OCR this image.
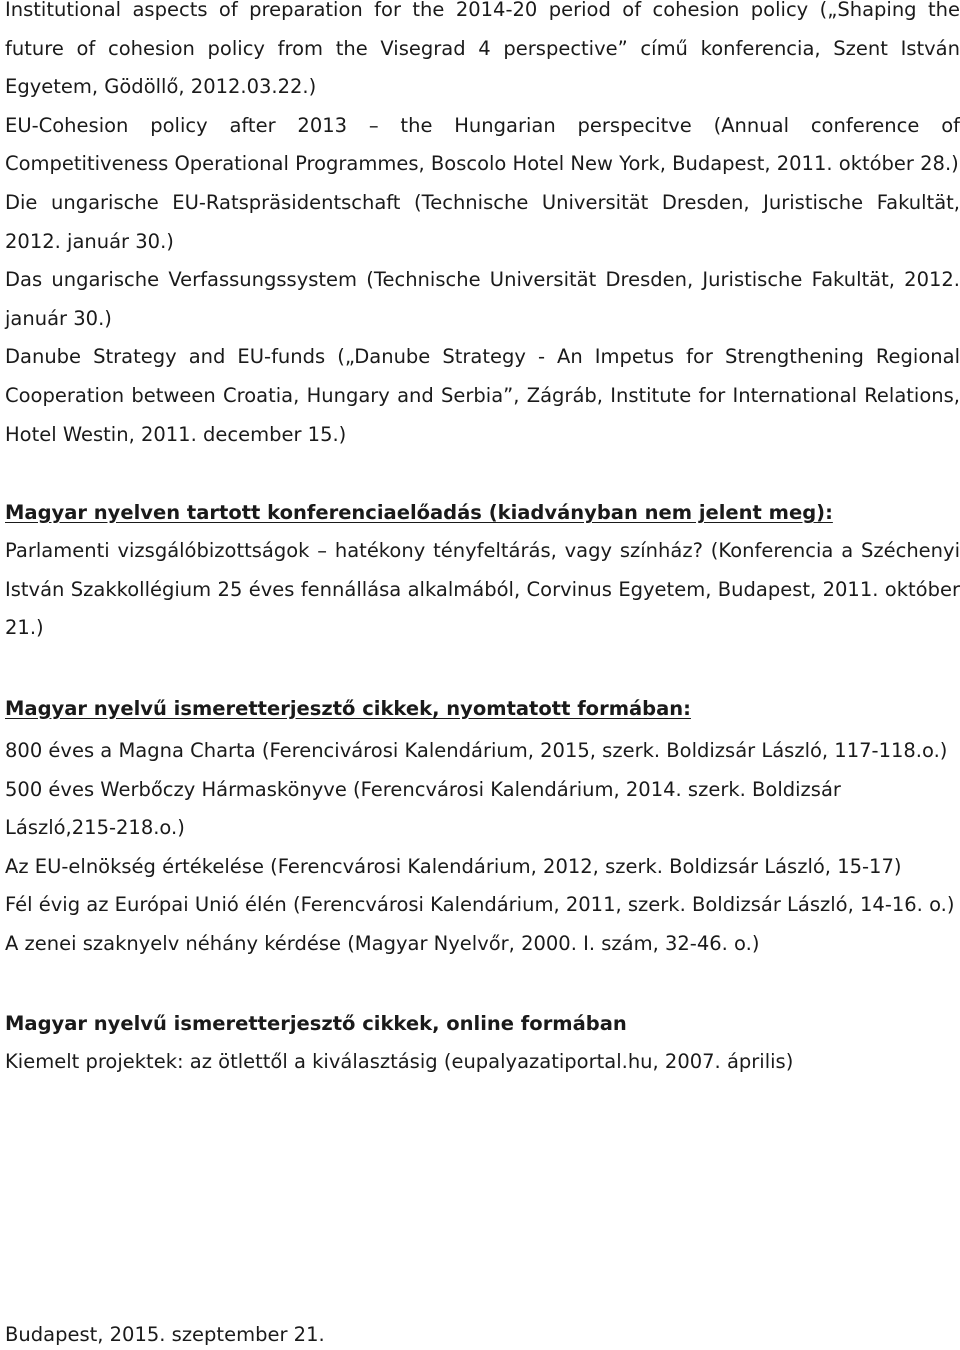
Institutional aspects of preparation for the 2014-20 period of cohesion policy („Shaping the future of cohesion policy from the Visegrad 4 perspective” című konferencia, Szent István Egyetem, Gödöllő, 2012.03.22.)

EU-Cohesion policy after 2013 – the Hungarian perspecitve (Annual conference of Competitiveness Operational Programmes, Boscolo Hotel New York, Budapest, 2011. október 28.)

Die ungarische EU-Ratspräsidentschaft (Technische Universität Dresden, Juristische Fakultät, 2012. január 30.)

Das ungarische Verfassungssystem (Technische Universität Dresden, Juristische Fakultät, 2012. január 30.)

Danube Strategy and EU-funds („Danube Strategy - An Impetus for Strengthening Regional Cooperation between Croatia, Hungary and Serbia”, Zágráb, Institute for International Relations, Hotel Westin, 2011. december 15.)

Magyar nyelven tartott konferenciaelőadás (kiadványban nem jelent meg):

Parlamenti vizsgálóbizottságok – hatékony tényfeltárás, vagy színház? (Konferencia a Széchenyi István Szakkollégium 25 éves fennállása alkalmából, Corvinus Egyetem, Budapest, 2011. október 21.)

Magyar nyelvű ismeretterjesztő cikkek, nyomtatott formában:

800 éves a Magna Charta (Ferencivárosi Kalendárium, 2015, szerk. Boldizsár László, 117-118.o.)

500 éves Werbőczy Hármaskönyve (Ferencvárosi Kalendárium, 2014. szerk. Boldizsár László,215-218.o.)

Az EU-elnökség értékelése (Ferencvárosi Kalendárium, 2012, szerk. Boldizsár László, 15-17)

Fél évig az Európai Unió élén (Ferencvárosi Kalendárium, 2011, szerk. Boldizsár László, 14-16. o.)

A zenei szaknyelv néhány kérdése (Magyar Nyelvőr, 2000. I. szám, 32-46. o.)

Magyar nyelvű ismeretterjesztő cikkek, online formában

Kiemelt projektek: az ötlettől a kiválasztásig (eupalyazatiportal.hu, 2007. április)

Budapest, 2015. szeptember 21.
